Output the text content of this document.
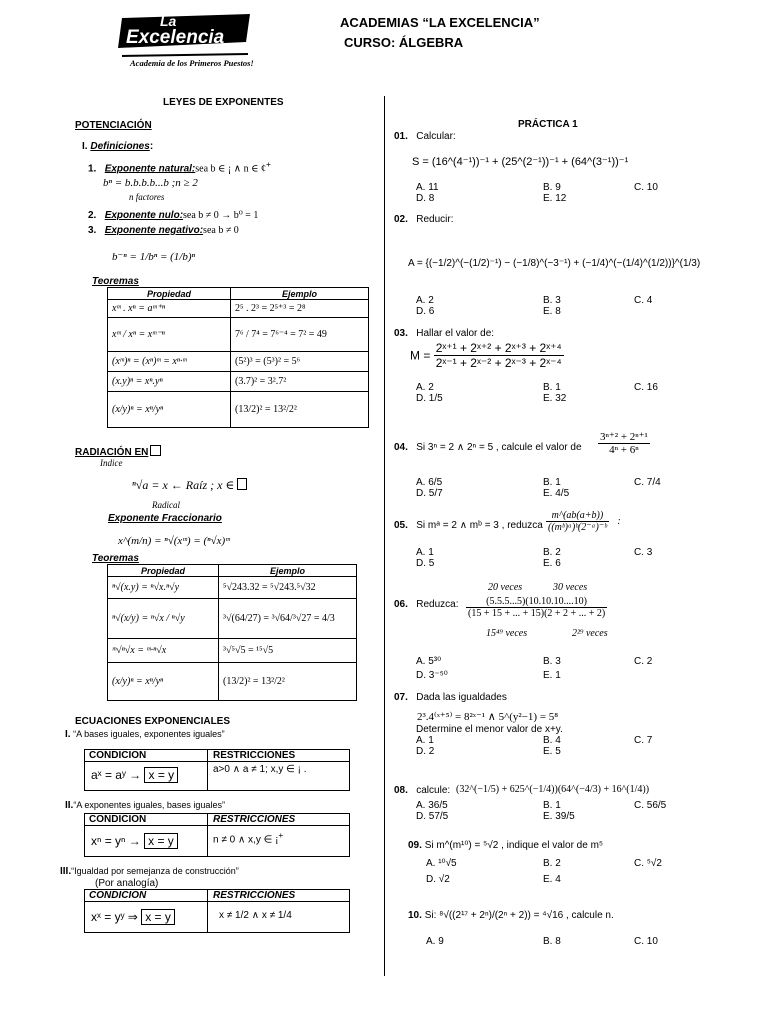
La
Excelencia
Academia de los Primeros Puestos!
ACADEMIAS “LA EXCELENCIA”
CURSO: ÁLGEBRA
LEYES DE EXPONENTES
POTENCIACIÓN
I. Definiciones:
1. Exponente natural:sea b ∈ ¡ ∧ n ∈ ¢+
bⁿ = b.b.b.b...b ;n ≥ 2
n factores
2. Exponente nulo:sea b ≠ 0 → b⁰ = 1
3. Exponente negativo:sea b ≠ 0
b⁻ⁿ = 1/bⁿ = (1/b)ⁿ
Teoremas
Propiedad	Ejemplo
xᵐ . xⁿ = aᵐ⁺ⁿ	2⁵ . 2³ = 2⁵⁺³ = 2⁸
xᵐ / xⁿ = xᵐ⁻ⁿ	7⁶ / 7⁴ = 7⁶⁻⁴ = 7² = 49
(xᵐ)ⁿ = (xⁿ)ᵐ = xⁿ·ᵐ	(5²)³ = (5³)² = 5⁶
(x.y)ⁿ = xⁿ.yⁿ	(3.7)² = 3².7²
(x/y)ⁿ = xⁿ/yⁿ	(13/2)² = 13²/2²
RADIACIÓN EN
Indice
ⁿ√a = x ← Raíz ; x ∈
Radical
Exponente Fraccionario
x^(m/n) = ⁿ√(xᵐ) = (ⁿ√x)ᵐ
Teoremas
Propiedad	Ejemplo
ⁿ√(x.y) = ⁿ√x.ⁿ√y	⁵√243.32 = ⁵√243.⁵√32
ⁿ√(x/y) = ⁿ√x / ⁿ√y	³√(64/27) = ³√64/³√27 = 4/3
ᵐ√ⁿ√x = ᵐ·ⁿ√x	³√⁵√5 = ¹⁵√5
(x/y)ⁿ = xⁿ/yⁿ	(13/2)² = 13²/2²
ECUACIONES EXPONENCIALES
I. “A bases iguales, exponentes iguales”
CONDICION	RESTRICCIONES
aˣ = aʸ → x = y	a>0 ∧ a ≠ 1; x,y ∈ ¡ .
II.“A exponentes iguales, bases iguales”
CONDICION	RESTRICCIONES
xⁿ = yⁿ → x = y	n ≠ 0 ∧ x,y ∈ ¡+
III.“Igualdad por semejanza de construcción”
(Por analogía)
CONDICION	RESTRICCIONES
xˣ = yʸ ⇒ x = y	x ≠ 1/2 ∧ x ≠ 1/4
PRÁCTICA 1
01. Calcular:
S = (16^(4⁻¹))⁻¹ + (25^(2⁻¹))⁻¹ + (64^(3⁻¹))⁻¹
A. 11	B. 9	C. 10
D. 8	E. 12
02. Reducir:
A = {(−1/2)^(−(1/2)⁻¹) − (−1/8)^(−3⁻¹) + (−1/4)^(−(1/4)^(1/2))}^(1/3)
A. 2	B. 3	C. 4
D. 6	E. 8
03. Hallar el valor de:
$M = \frac{\text{2ˣ⁺¹ + 2ˣ⁺² + 2ˣ⁺³ + 2ˣ⁺⁴}}{\text{2ˣ⁻¹ + 2ˣ⁻² + 2ˣ⁻³ + 2ˣ⁻⁴}}$
A. 2	B. 1	C. 16
D. 1/5	E. 32
04. Si 3ⁿ = 2 ∧ 2ⁿ = 5 , calcule el valor de $\frac{\text{3ⁿ⁺² + 2ⁿ⁺¹}}{\text{4ⁿ + 6ⁿ}}$
A. 6/5	B. 1	C. 7/4
D. 5/7	E. 4/5
05. Si mᵃ = 2 ∧ mᵇ = 3 , reduzca $\frac{m\^{}(ab(a+b))}{\text{((mᵇ)ᵃ)ᵇ(2⁻ᵃ)⁻ᵇ}}$ :
A. 1	B. 2	C. 3
D. 5	E. 6
06. Reduzca:
20 veces	30 veces
$\frac{(5.5.5...5)(10.10.10....10)}{(15 + 15 + ... + 15)(2 + 2 + ... + 2)}$
15⁴⁹ veces	2²⁹ veces
A. 5³⁰	B. 3	C. 2
D. 3⁻⁵⁰	E. 1
07. Dada las igualdades
2³.4⁽ˣ⁺⁵⁾ = 8²ˣ⁻¹ ∧ 5^(y²−1) = 5⁸
Determine el menor valor de x+y.
A. 1	B. 4	C. 7
D. 2	E. 5
08. calcule: (32^(−1/5) + 625^(−1/4))(64^(−4/3) + 16^(1/4))
A. 36/5	B. 1	C. 56/5
D. 57/5	E. 39/5
09. Si m^(m¹⁰) = ⁵√2 , indique el valor de m⁵
A. ¹⁰√5	B. 2	C. ⁵√2
D. √2	E. 4
10. Si: ⁸√((2¹⁷ + 2ⁿ)/(2ⁿ + 2)) = ⁴√16 , calcule n.
A. 9	B. 8	C. 10
